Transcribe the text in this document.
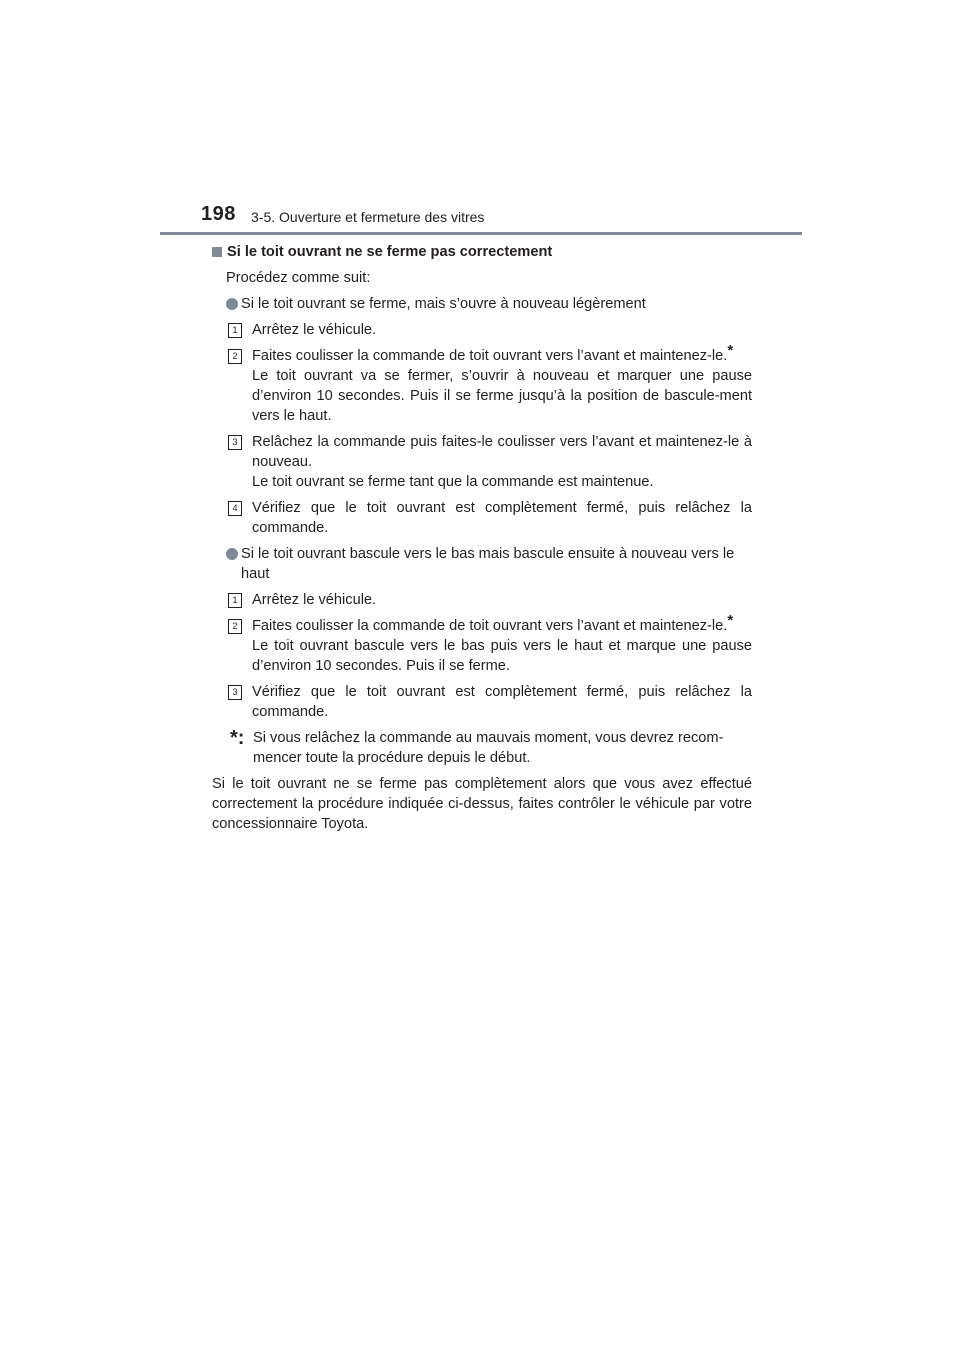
198 3-5. Ouverture et fermeture des vitres

Si le toit ouvrant ne se ferme pas correctement

Procédez comme suit:

Si le toit ouvrant se ferme, mais s’ouvre à nouveau légèrement
1 Arrêtez le véhicule.
2 Faites coulisser la commande de toit ouvrant vers l’avant et maintenez-le.*
Le toit ouvrant va se fermer, s’ouvrir à nouveau et marquer une pause d’environ 10 secondes. Puis il se ferme jusqu’à la position de bascule-ment vers le haut.
3 Relâchez la commande puis faites-le coulisser vers l’avant et maintenez-le à nouveau.
Le toit ouvrant se ferme tant que la commande est maintenue.
4 Vérifiez que le toit ouvrant est complètement fermé, puis relâchez la commande.
Si le toit ouvrant bascule vers le bas mais bascule ensuite à nouveau vers le haut
1 Arrêtez le véhicule.
2 Faites coulisser la commande de toit ouvrant vers l’avant et maintenez-le.*
Le toit ouvrant bascule vers le bas puis vers le haut et marque une pause d’environ 10 secondes. Puis il se ferme.
3 Vérifiez que le toit ouvrant est complètement fermé, puis relâchez la commande.
*: Si vous relâchez la commande au mauvais moment, vous devrez recom-mencer toute la procédure depuis le début.

Si le toit ouvrant ne se ferme pas complètement alors que vous avez effectué correctement la procédure indiquée ci-dessus, faites contrôler le véhicule par votre concessionnaire Toyota.
